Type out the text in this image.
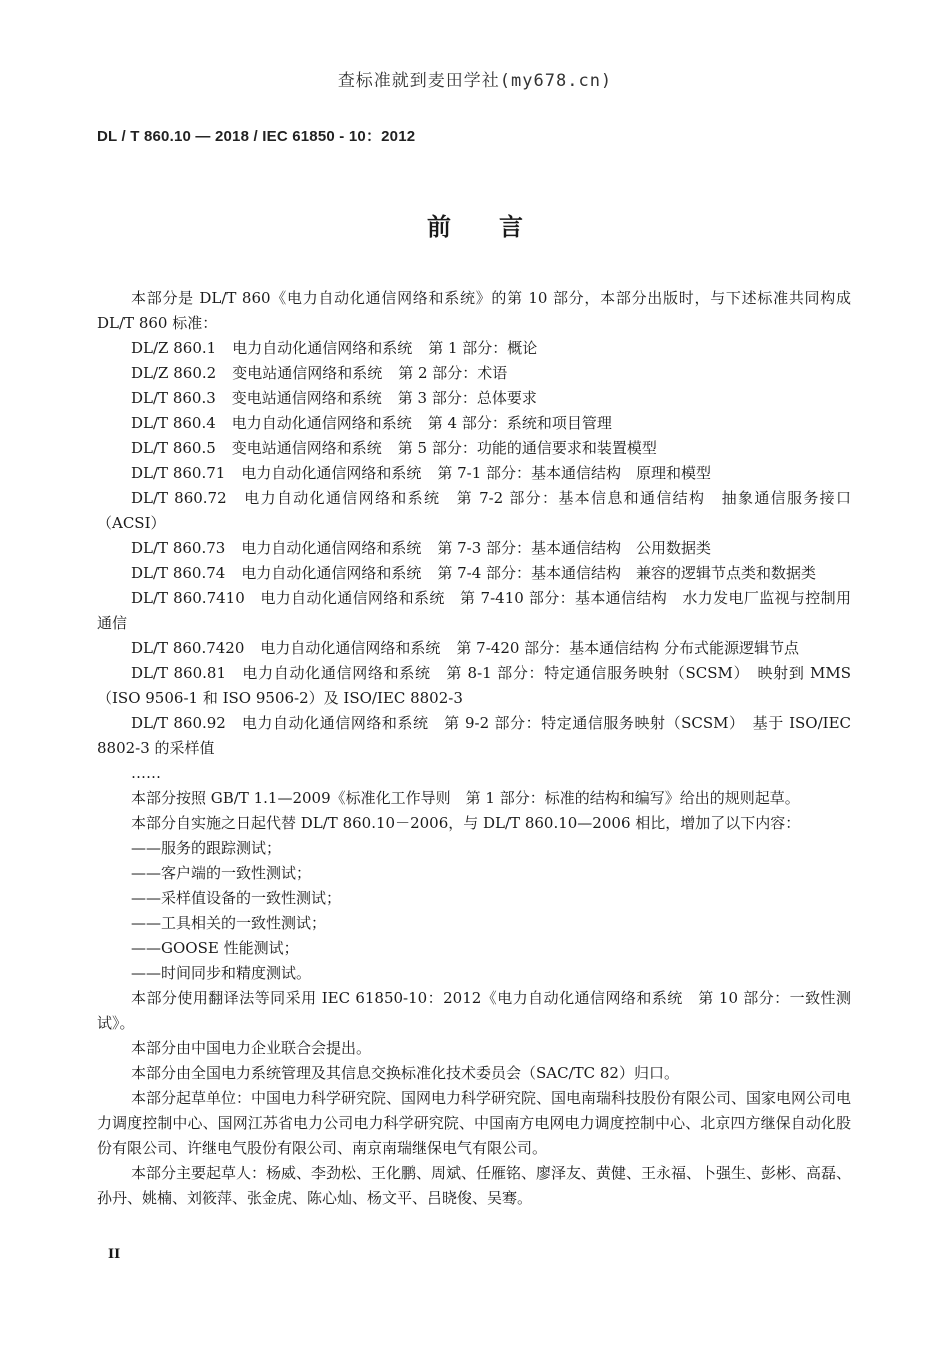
查标准就到麦田学社(my678.cn)
DL / T 860.10 — 2018 / IEC 61850 - 10：2012
前言

本部分是 DL/T 860《电力自动化通信网络和系统》的第 10 部分，本部分出版时，与下述标准共同构成 DL/T 860 标准：

DL/Z 860.1 电力自动化通信网络和系统 第 1 部分：概论
DL/Z 860.2 变电站通信网络和系统 第 2 部分：术语
DL/T 860.3 变电站通信网络和系统 第 3 部分：总体要求
DL/T 860.4 电力自动化通信网络和系统 第 4 部分：系统和项目管理
DL/T 860.5 变电站通信网络和系统 第 5 部分：功能的通信要求和装置模型
DL/T 860.71 电力自动化通信网络和系统 第 7-1 部分：基本通信结构　原理和模型

DL/T 860.72　电力自动化通信网络和系统　第 7-2 部分：基本信息和通信结构　抽象通信服务接口（ACSI）

DL/T 860.73 电力自动化通信网络和系统 第 7-3 部分：基本通信结构　公用数据类
DL/T 860.74 电力自动化通信网络和系统 第 7-4 部分：基本通信结构　兼容的逻辑节点类和数据类

DL/T 860.7410　电力自动化通信网络和系统　第 7-410 部分：基本通信结构　水力发电厂监视与控制用通信

DL/T 860.7420 电力自动化通信网络和系统 第 7-420 部分：基本通信结构 分布式能源逻辑节点

DL/T 860.81　电力自动化通信网络和系统　第 8-1 部分：特定通信服务映射（SCSM）　映射到 MMS（ISO 9506-1 和 ISO 9506-2）及 ISO/IEC 8802-3

DL/T 860.92　电力自动化通信网络和系统　第 9-2 部分：特定通信服务映射（SCSM）　基于 ISO/IEC 8802-3 的采样值

……

本部分按照 GB/T 1.1—2009《标准化工作导则　第 1 部分：标准的结构和编写》给出的规则起草。

本部分自实施之日起代替 DL/T 860.10－2006，与 DL/T 860.10—2006 相比，增加了以下内容：

——服务的跟踪测试；
——客户端的一致性测试；
——采样值设备的一致性测试；
——工具相关的一致性测试；
——GOOSE 性能测试；
——时间同步和精度测试。

本部分使用翻译法等同采用 IEC 61850-10：2012《电力自动化通信网络和系统　第 10 部分：一致性测试》。

本部分由中国电力企业联合会提出。

本部分由全国电力系统管理及其信息交换标准化技术委员会（SAC/TC 82）归口。

本部分起草单位：中国电力科学研究院、国网电力科学研究院、国电南瑞科技股份有限公司、国家电网公司电力调度控制中心、国网江苏省电力公司电力科学研究院、中国南方电网电力调度控制中心、北京四方继保自动化股份有限公司、许继电气股份有限公司、南京南瑞继保电气有限公司。

本部分主要起草人：杨威、李劲松、王化鹏、周斌、任雁铭、廖泽友、黄健、王永福、卜强生、彭彬、高磊、孙丹、姚楠、刘筱萍、张金虎、陈心灿、杨文平、吕晓俊、吴骞。

II
